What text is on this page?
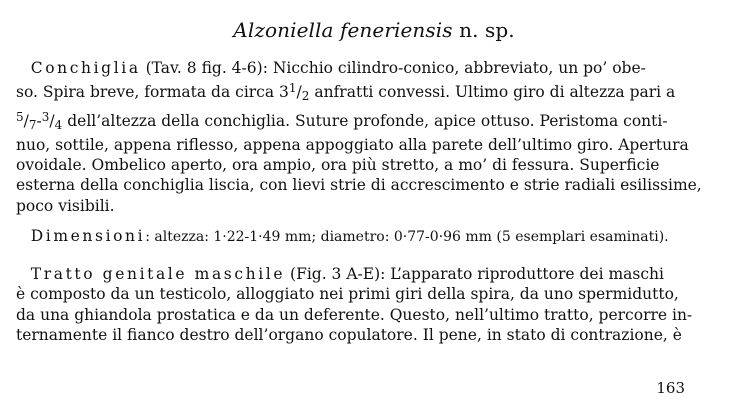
Alzoniella feneriensis n. sp.
Conchiglia (Tav. 8 fig. 4-6): Nicchio cilindro-conico, abbreviato, un po’ obe-
so. Spira breve, formata da circa $3^1/2$ anfratti convessi. Ultimo giro di altezza pari a
$^5$/7-$^3$/4 dell’altezza della conchiglia. Suture profonde, apice ottuso. Peristoma conti-
nuo, sottile, appena riflesso, appena appoggiato alla parete dell’ultimo giro. Apertura
ovoidale. Ombelico aperto, ora ampio, ora più stretto, a mo’ di fessura. Superficie
esterna della conchiglia liscia, con lievi strie di accrescimento e strie radiali esilissime,
poco visibili.
Dimensioni: altezza: 1·22-1·49 mm; diametro: 0·77-0·96 mm (5 esemplari esaminati).
Tratto genitale maschile (Fig. 3 A-E): L’apparato riproduttore dei maschi
è composto da un testicolo, alloggiato nei primi giri della spira, da uno spermidutto,
da una ghiandola prostatica e da un deferente. Questo, nell’ultimo tratto, percorre in-
ternamente il fianco destro dell’organo copulatore. Il pene, in stato di contrazione, è
163
